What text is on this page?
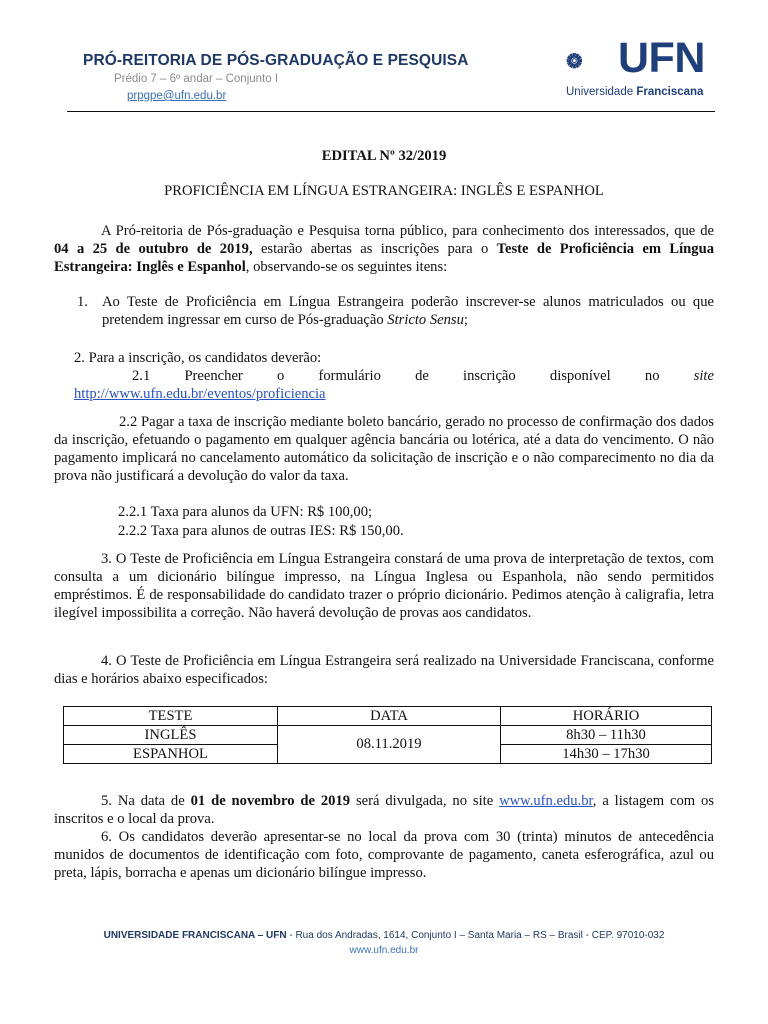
PRÓ-REITORIA DE PÓS-GRADUAÇÃO E PESQUISA
Prédio 7 – 6º andar – Conjunto I
prpgpe@ufn.edu.br
UFN
Universidade Franciscana
EDITAL Nº 32/2019
PROFICIÊNCIA EM LÍNGUA ESTRANGEIRA: INGLÊS E ESPANHOL
A Pró-reitoria de Pós-graduação e Pesquisa torna público, para conhecimento dos interessados, que de 04 a 25 de outubro de 2019, estarão abertas as inscrições para o Teste de Proficiência em Língua Estrangeira: Inglês e Espanhol, observando-se os seguintes itens:
1. Ao Teste de Proficiência em Língua Estrangeira poderão inscrever-se alunos matriculados ou que pretendem ingressar em curso de Pós-graduação Stricto Sensu;
2. Para a inscrição, os candidatos deverão:
2.1 Preencher o formulário de inscrição disponível no site
http://www.ufn.edu.br/eventos/proficiencia
2.2 Pagar a taxa de inscrição mediante boleto bancário, gerado no processo de confirmação dos dados da inscrição, efetuando o pagamento em qualquer agência bancária ou lotérica, até a data do vencimento. O não pagamento implicará no cancelamento automático da solicitação de inscrição e o não comparecimento no dia da prova não justificará a devolução do valor da taxa.
2.2.1 Taxa para alunos da UFN: R$ 100,00;
2.2.2 Taxa para alunos de outras IES: R$ 150,00.
3. O Teste de Proficiência em Língua Estrangeira constará de uma prova de interpretação de textos, com consulta a um dicionário bilíngue impresso, na Língua Inglesa ou Espanhola, não sendo permitidos empréstimos. É de responsabilidade do candidato trazer o próprio dicionário. Pedimos atenção à caligrafia, letra ilegível impossibilita a correção. Não haverá devolução de provas aos candidatos.
4. O Teste de Proficiência em Língua Estrangeira será realizado na Universidade Franciscana, conforme dias e horários abaixo especificados:
TESTE	DATA	HORÁRIO
INGLÊS	08.11.2019	8h30 – 11h30
ESPANHOL		14h30 – 17h30
5. Na data de 01 de novembro de 2019 será divulgada, no site www.ufn.edu.br, a listagem com os inscritos e o local da prova.
6. Os candidatos deverão apresentar-se no local da prova com 30 (trinta) minutos de antecedência munidos de documentos de identificação com foto, comprovante de pagamento, caneta esferográfica, azul ou preta, lápis, borracha e apenas um dicionário bilíngue impresso.
UNIVERSIDADE FRANCISCANA – UFN - Rua dos Andradas, 1614, Conjunto I – Santa Maria – RS – Brasil - CEP. 97010-032
www.ufn.edu.br
